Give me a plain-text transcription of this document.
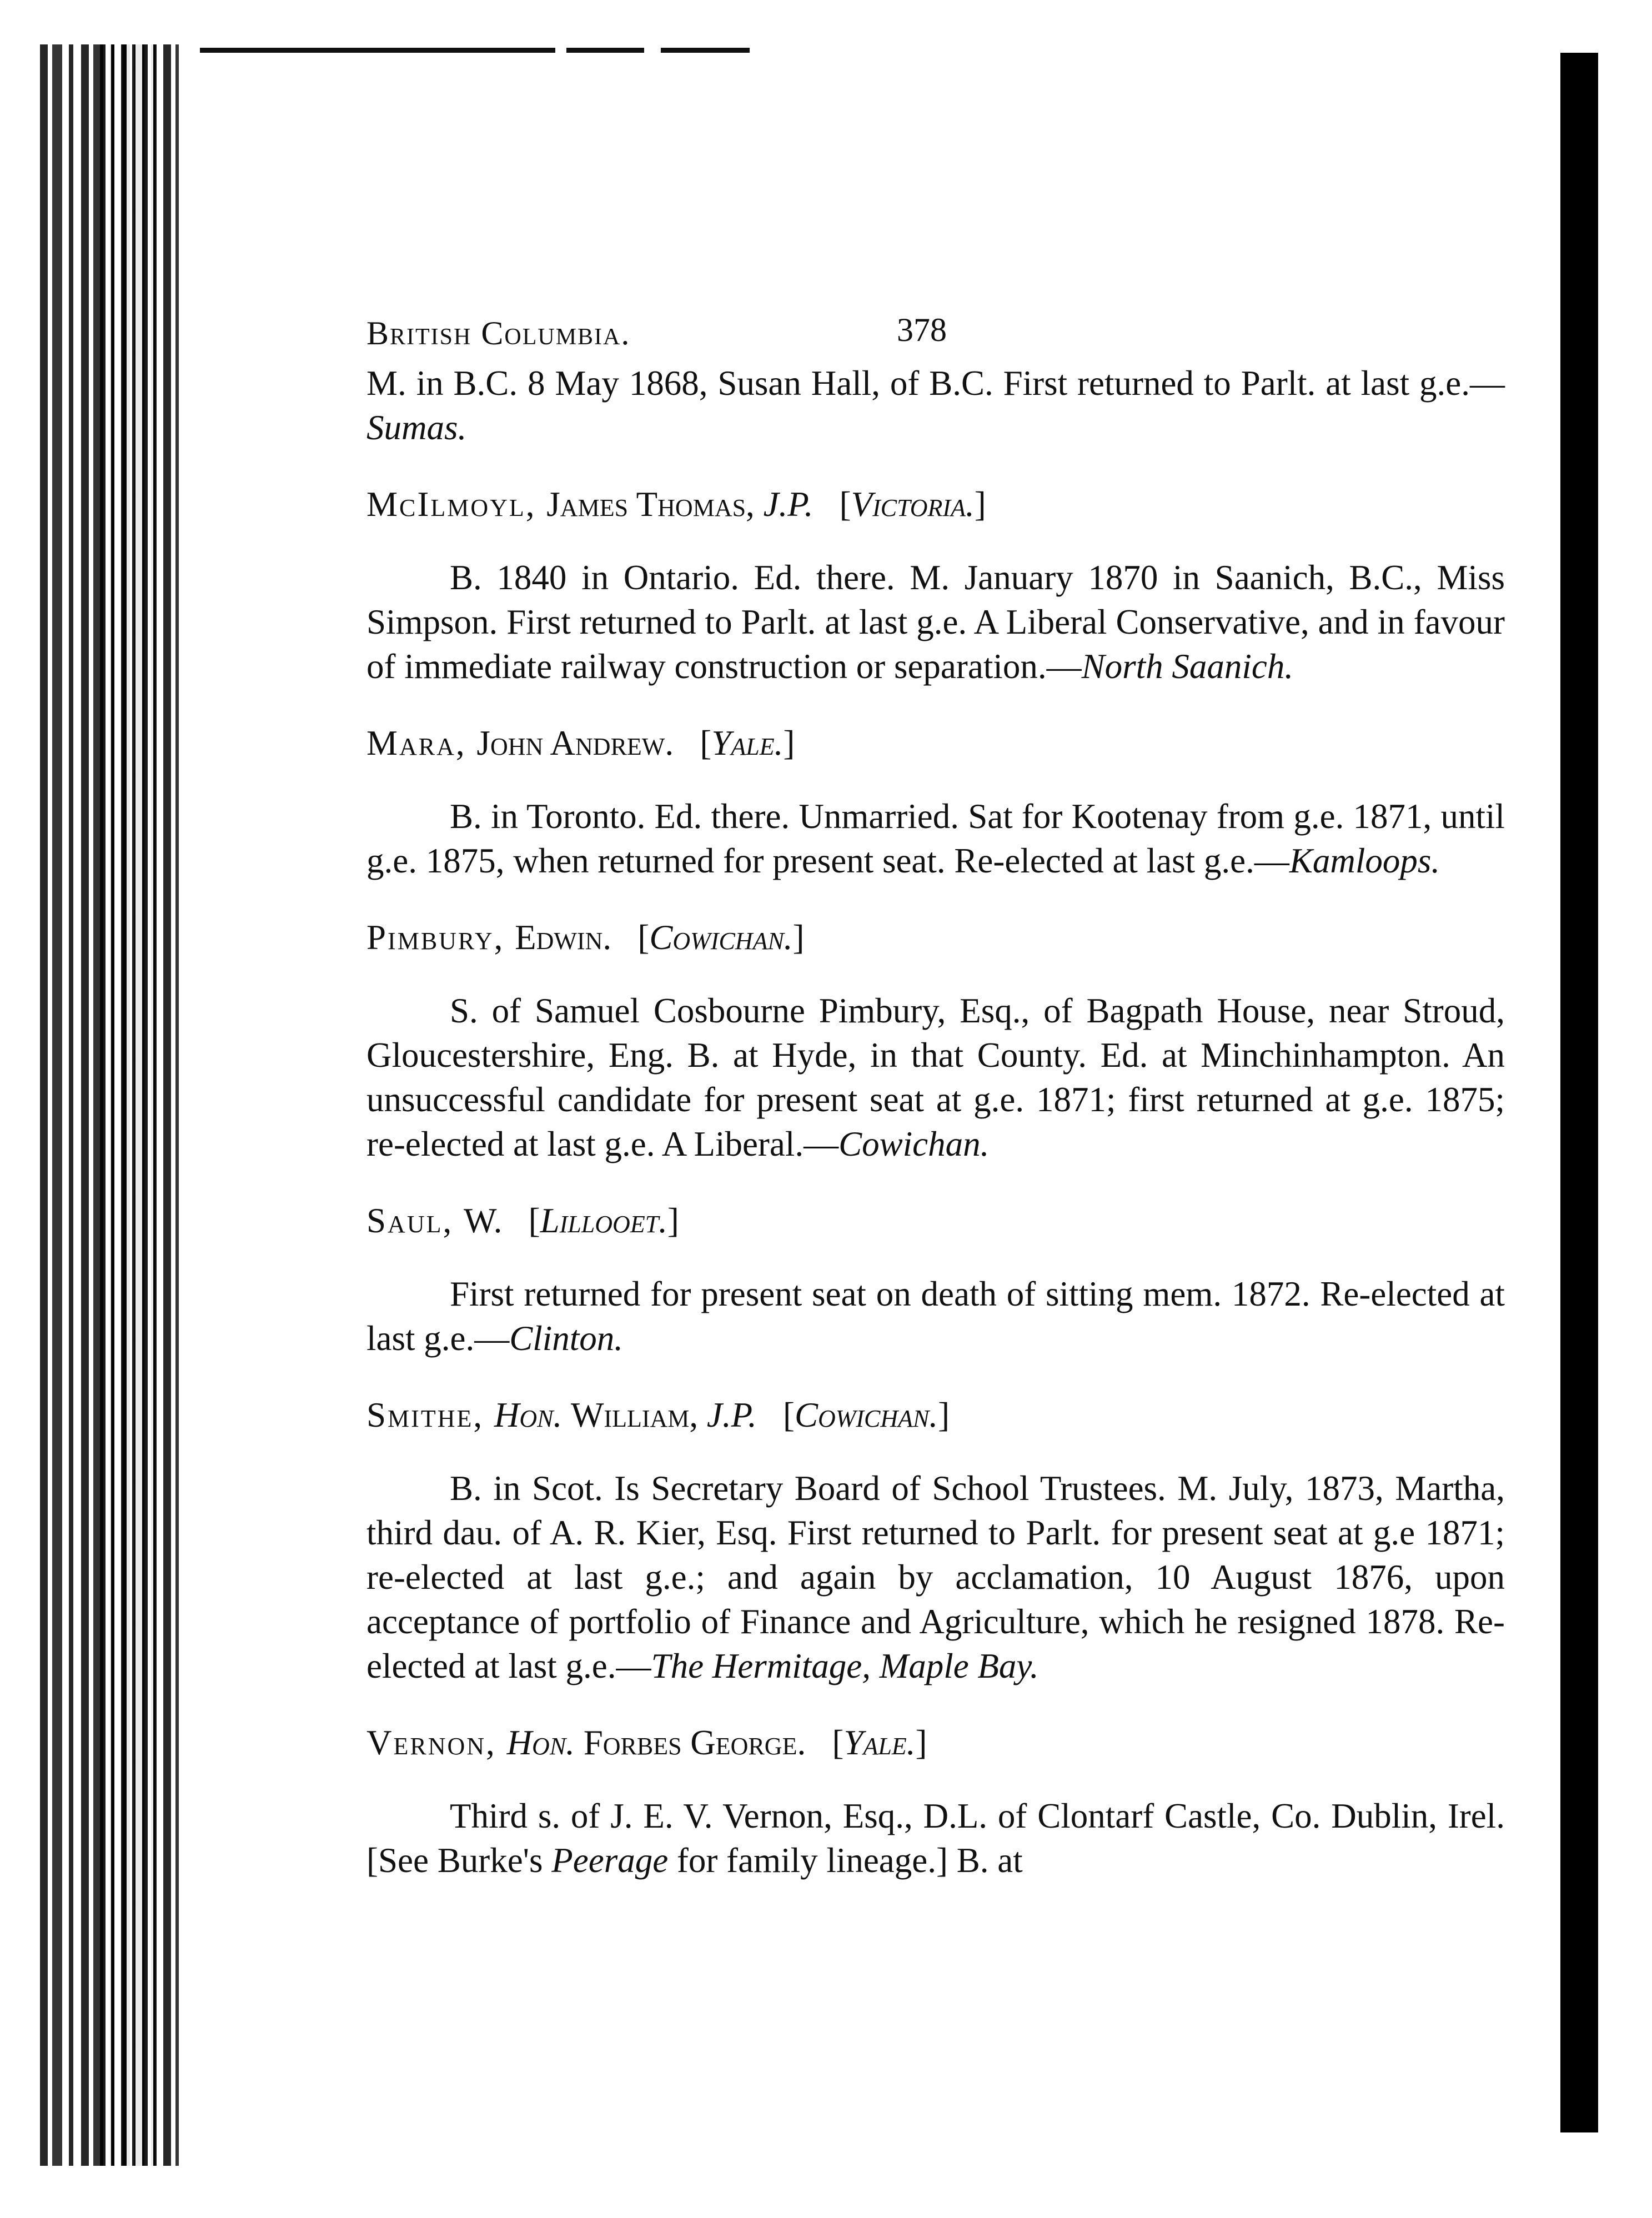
British Columbia.	378

M. in B.C. 8 May 1868, Susan Hall, of B.C. First returned to Parlt. at last g.e.—Sumas.

McIlmoyl, James Thomas, J.P. [Victoria.]

B. 1840 in Ontario. Ed. there. M. January 1870 in Saanich, B.C., Miss Simpson. First returned to Parlt. at last g.e. A Liberal Conservative, and in favour of immediate railway construction or separation.—North Saanich.

Mara, John Andrew. [Yale.]

B. in Toronto. Ed. there. Unmarried. Sat for Kootenay from g.e. 1871, until g.e. 1875, when returned for present seat. Re-elected at last g.e.—Kamloops.

Pimbury, Edwin. [Cowichan.]

S. of Samuel Cosbourne Pimbury, Esq., of Bagpath House, near Stroud, Gloucestershire, Eng. B. at Hyde, in that County. Ed. at Minchinhampton. An unsuccessful candidate for present seat at g.e. 1871; first returned at g.e. 1875; re-elected at last g.e. A Liberal.—Cowichan.

Saul, W. [Lillooet.]

First returned for present seat on death of sitting mem. 1872. Re-elected at last g.e.—Clinton.

Smithe, Hon. William, J.P. [Cowichan.]

B. in Scot. Is Secretary Board of School Trustees. M. July, 1873, Martha, third dau. of A. R. Kier, Esq. First returned to Parlt. for present seat at g.e 1871; re-elected at last g.e.; and again by acclamation, 10 August 1876, upon acceptance of portfolio of Finance and Agriculture, which he resigned 1878. Re-elected at last g.e.—The Hermitage, Maple Bay.

Vernon, Hon. Forbes George. [Yale.]

Third s. of J. E. V. Vernon, Esq., D.L. of Clontarf Castle, Co. Dublin, Irel. [See Burke's Peerage for family lineage.] B. at
